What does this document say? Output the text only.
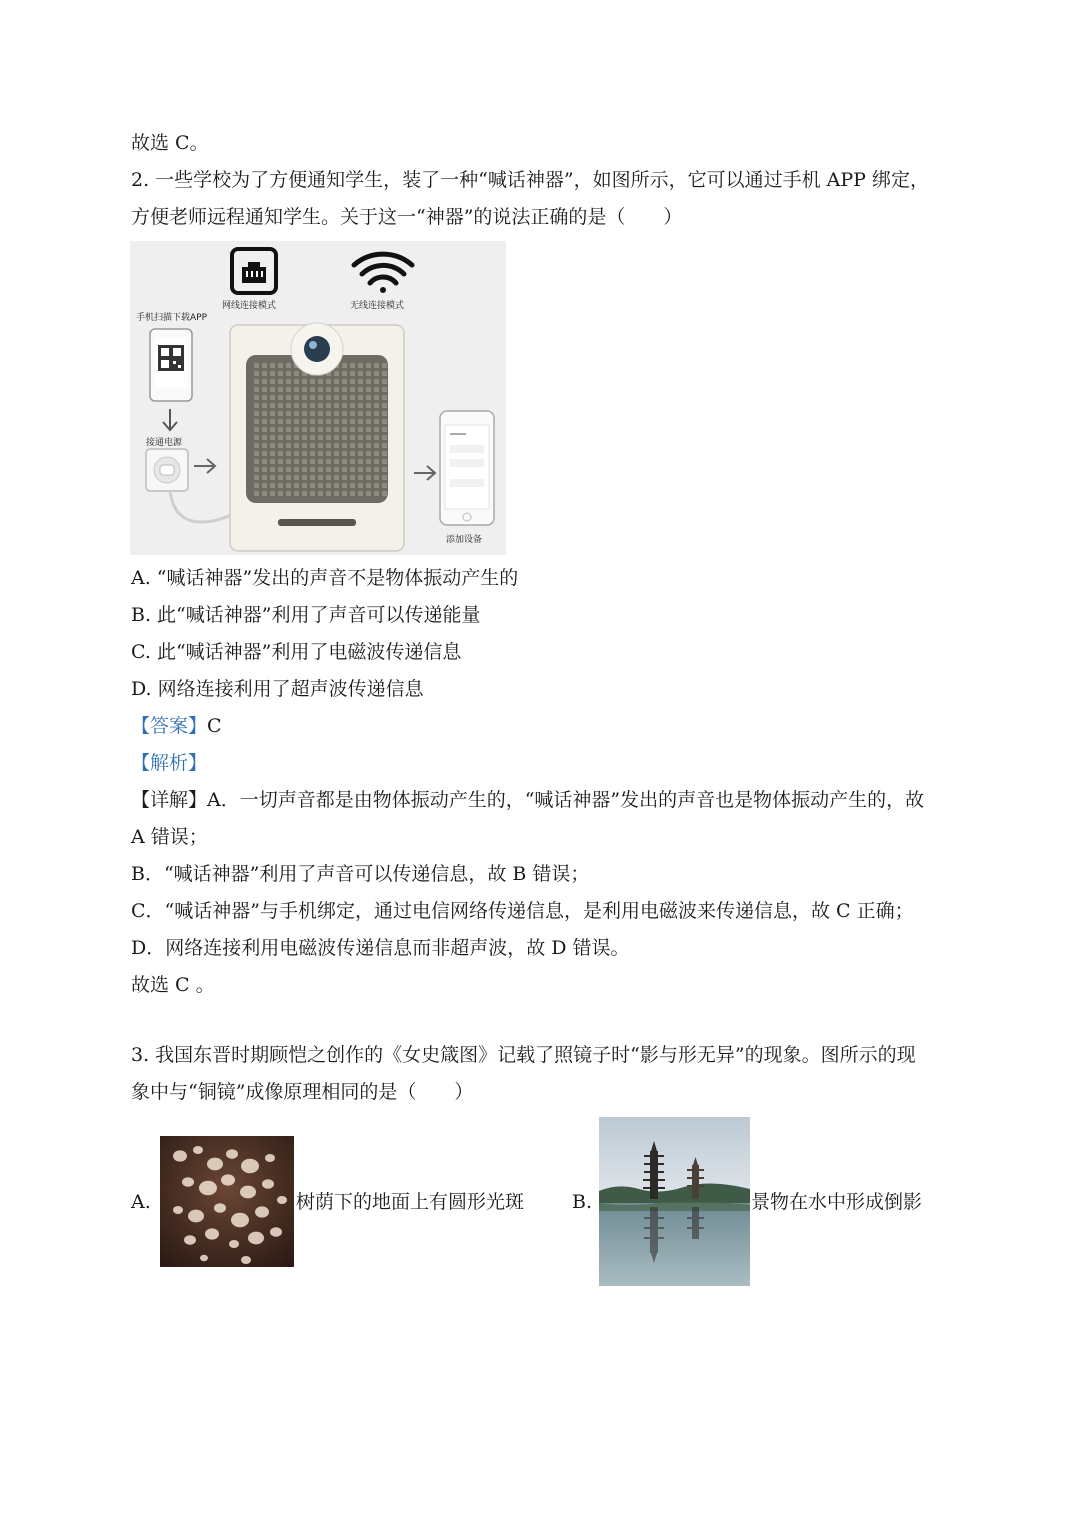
故选 C。
2. 一些学校为了方便通知学生，装了一种“喊话神器”，如图所示，它可以通过手机 APP 绑定，
方便老师远程通知学生。关于这一“神器”的说法正确的是（　　）
网线连接模式	无线连接模式
手机扫描下载APP
接通电源
添加设备
A. “喊话神器”发出的声音不是物体振动产生的
B. 此“喊话神器”利用了声音可以传递能量
C. 此“喊话神器”利用了电磁波传递信息
D. 网络连接利用了超声波传递信息
【答案】C
【解析】
【详解】A．一切声音都是由物体振动产生的，“喊话神器”发出的声音也是物体振动产生的，故
A 错误；
B．“喊话神器”利用了声音可以传递信息，故 B 错误；
C．“喊话神器”与手机绑定，通过电信网络传递信息，是利用电磁波来传递信息，故 C 正确；
D．网络连接利用电磁波传递信息而非超声波，故 D 错误。
故选 C 。
3. 我国东晋时期顾恺之创作的《女史箴图》记载了照镜子时“影与形无异”的现象。图所示的现
象中与“铜镜”成像原理相同的是（　　）
A.	树荫下的地面上有圆形光斑	B.	景物在水中形成倒影
